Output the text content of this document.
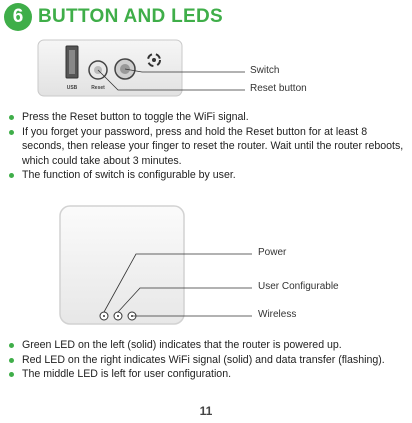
6 BUTTON AND LEDS
USB	Reset
Switch
Reset button
Press the Reset button to toggle the WiFi signal.
If you forget your password, press and hold the Reset button for at least 8 seconds, then release your finger to reset the router. Wait until the router reboots, which could take about 3 minutes.
The function of switch is configurable by user.
Power
User Configurable
Wireless
Green LED on the left (solid) indicates that the router is powered up.
Red LED on the right indicates WiFi signal (solid) and data transfer (flashing).
The middle LED is left for user configuration.
11
